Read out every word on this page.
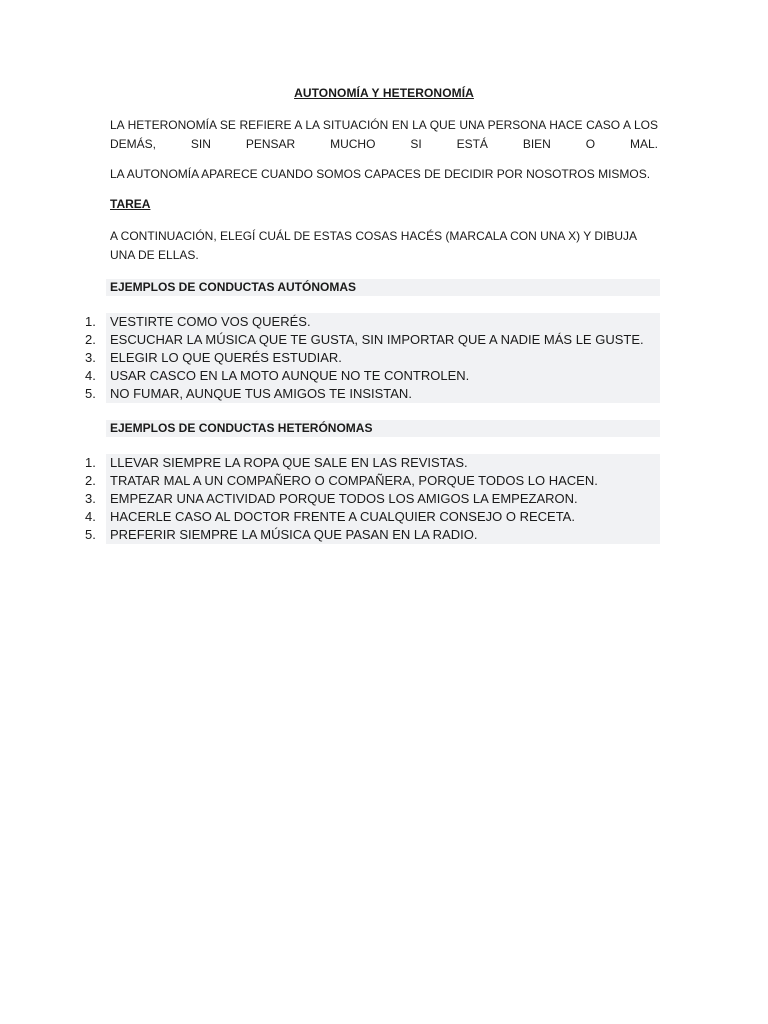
AUTONOMÍA Y HETERONOMÍA
LA HETERONOMÍA SE REFIERE A LA SITUACIÓN EN LA QUE UNA PERSONA HACE CASO A LOS DEMÁS, SIN PENSAR MUCHO SI ESTÁ BIEN O MAL.
LA AUTONOMÍA APARECE CUANDO SOMOS CAPACES DE DECIDIR POR NOSOTROS MISMOS.
TAREA
A CONTINUACIÓN, ELEGÍ CUÁL DE ESTAS COSAS HACÉS (MARCALA CON UNA X) Y DIBUJA UNA DE ELLAS.
EJEMPLOS DE CONDUCTAS AUTÓNOMAS
1.	VESTIRTE COMO VOS QUERÉS.
2.	ESCUCHAR LA MÚSICA QUE TE GUSTA, SIN IMPORTAR QUE A NADIE MÁS LE GUSTE.
3.	ELEGIR LO QUE QUERÉS ESTUDIAR.
4.	USAR CASCO EN LA MOTO AUNQUE NO TE CONTROLEN.
5.	NO FUMAR, AUNQUE TUS AMIGOS TE INSISTAN.
EJEMPLOS DE CONDUCTAS HETERÓNOMAS
1.	LLEVAR SIEMPRE LA ROPA QUE SALE EN LAS REVISTAS.
2.	TRATAR MAL A UN COMPAÑERO O COMPAÑERA, PORQUE TODOS LO HACEN.
3.	EMPEZAR UNA ACTIVIDAD PORQUE TODOS LOS AMIGOS LA EMPEZARON.
4.	HACERLE CASO AL DOCTOR FRENTE A CUALQUIER CONSEJO O RECETA.
5.	PREFERIR SIEMPRE LA MÚSICA QUE PASAN EN LA RADIO.
